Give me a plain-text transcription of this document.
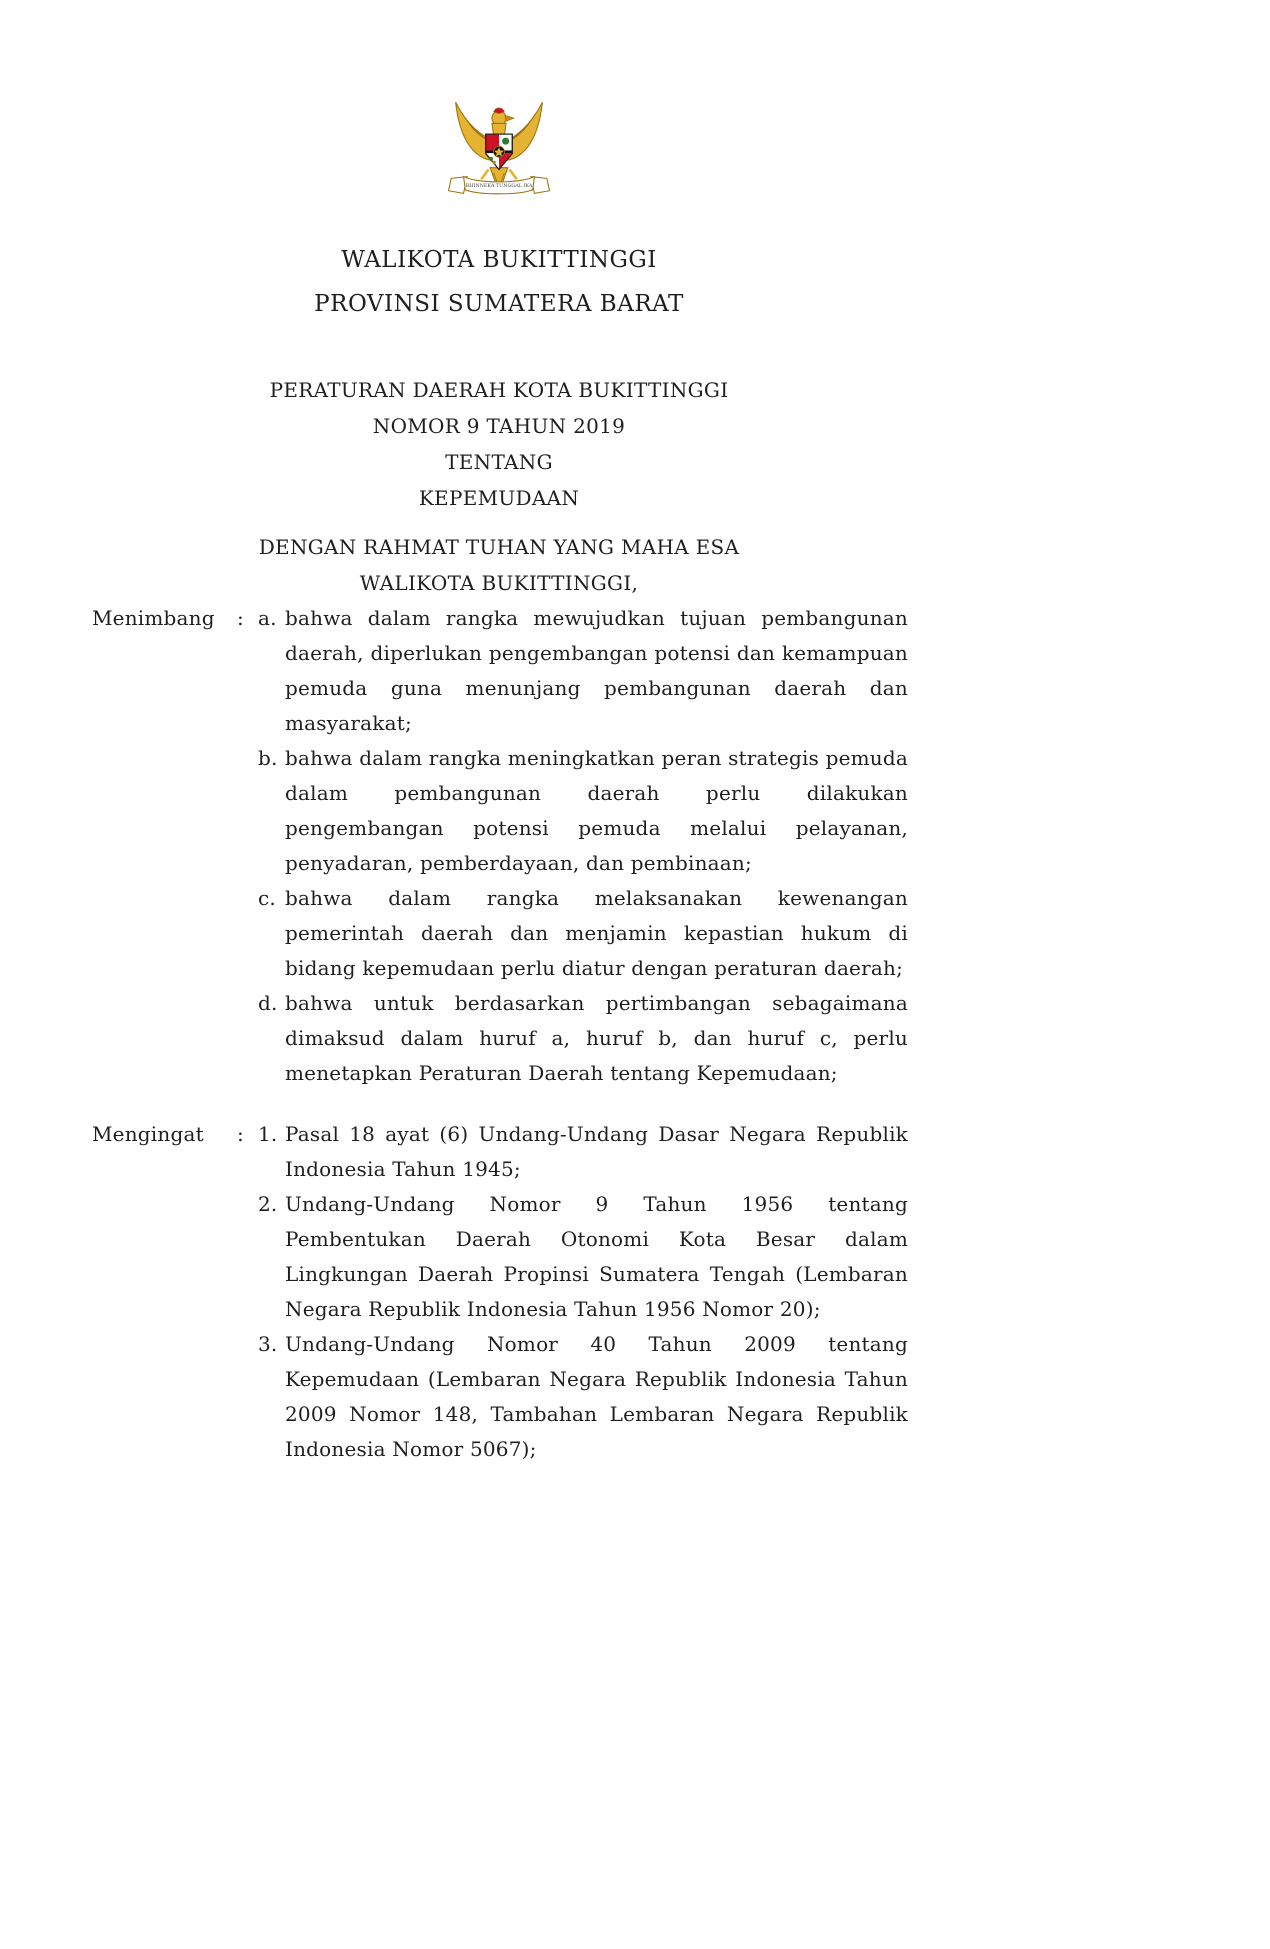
BHINNEKA TUNGGAL IKA
WALIKOTA BUKITTINGGI
PROVINSI SUMATERA BARAT
PERATURAN DAERAH KOTA BUKITTINGGI
NOMOR 9 TAHUN 2019
TENTANG
KEPEMUDAAN
DENGAN RAHMAT TUHAN YANG MAHA ESA
WALIKOTA BUKITTINGGI,
Menimbang : a. bahwa dalam rangka mewujudkan tujuan pembangunan daerah, diperlukan pengembangan potensi dan kemampuan pemuda guna menunjang pembangunan daerah dan masyarakat;

b. bahwa dalam rangka meningkatkan peran strategis pemuda dalam pembangunan daerah perlu dilakukan pengembangan potensi pemuda melalui pelayanan, penyadaran, pemberdayaan, dan pembinaan;

c. bahwa dalam rangka melaksanakan kewenangan pemerintah daerah dan menjamin kepastian hukum di bidang kepemudaan perlu diatur dengan peraturan daerah;

d. bahwa untuk berdasarkan pertimbangan sebagaimana dimaksud dalam huruf a, huruf b, dan huruf c, perlu menetapkan Peraturan Daerah tentang Kepemudaan;

Mengingat : 1. Pasal 18 ayat (6) Undang-Undang Dasar Negara Republik Indonesia Tahun 1945;

2. Undang-Undang Nomor 9 Tahun 1956 tentang Pembentukan Daerah Otonomi Kota Besar dalam Lingkungan Daerah Propinsi Sumatera Tengah (Lembaran Negara Republik Indonesia Tahun 1956 Nomor 20);

3. Undang-Undang Nomor 40 Tahun 2009 tentang Kepemudaan (Lembaran Negara Republik Indonesia Tahun 2009 Nomor 148, Tambahan Lembaran Negara Republik Indonesia Nomor 5067);
